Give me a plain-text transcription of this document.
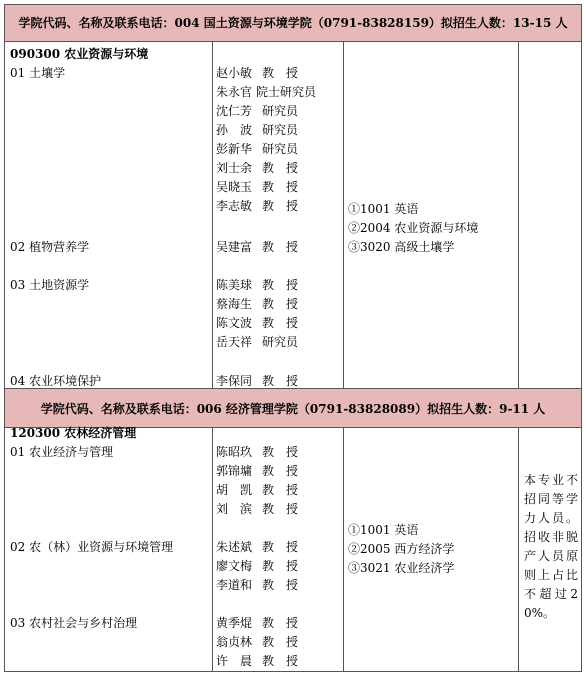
学院代码、名称及联系电话：004 国土资源与环境学院（0791-83828159）拟招生人数：13-15 人
090300 农业资源与环境
01 土壤学
02 植物营养学
03 土地资源学
04 农业环境保护
赵小敏 教　授
朱永官 院士研究员
沈仁芳 研究员
孙　波 研究员
彭新华 研究员
刘士余 教　授
吴晓玉 教　授
李志敏 教　授
吴建富 教　授
陈美球 教　授
蔡海生 教　授
陈文波 教　授
岳天祥 研究员
李保同 教　授
①1001 英语
②2004 农业资源与环境
③3020 高级土壤学
学院代码、名称及联系电话：006 经济管理学院（0791-83828089）拟招生人数：9-11 人
120300 农林经济管理
01 农业经济与管理
02 农（林）业资源与环境管理
03 农村社会与乡村治理
陈昭玖 教　授
郭锦墉 教　授
胡　凯 教　授
刘　滨 教　授
朱述斌 教　授
廖文梅 教　授
李道和 教　授
黄季焜 教　授
翁贞林 教　授
许　晨 教　授
①1001 英语
②2005 西方经济学
③3021 农业经济学
本专业不招同等学力人员。招收非脱产人员原则上占比不超过20%。
